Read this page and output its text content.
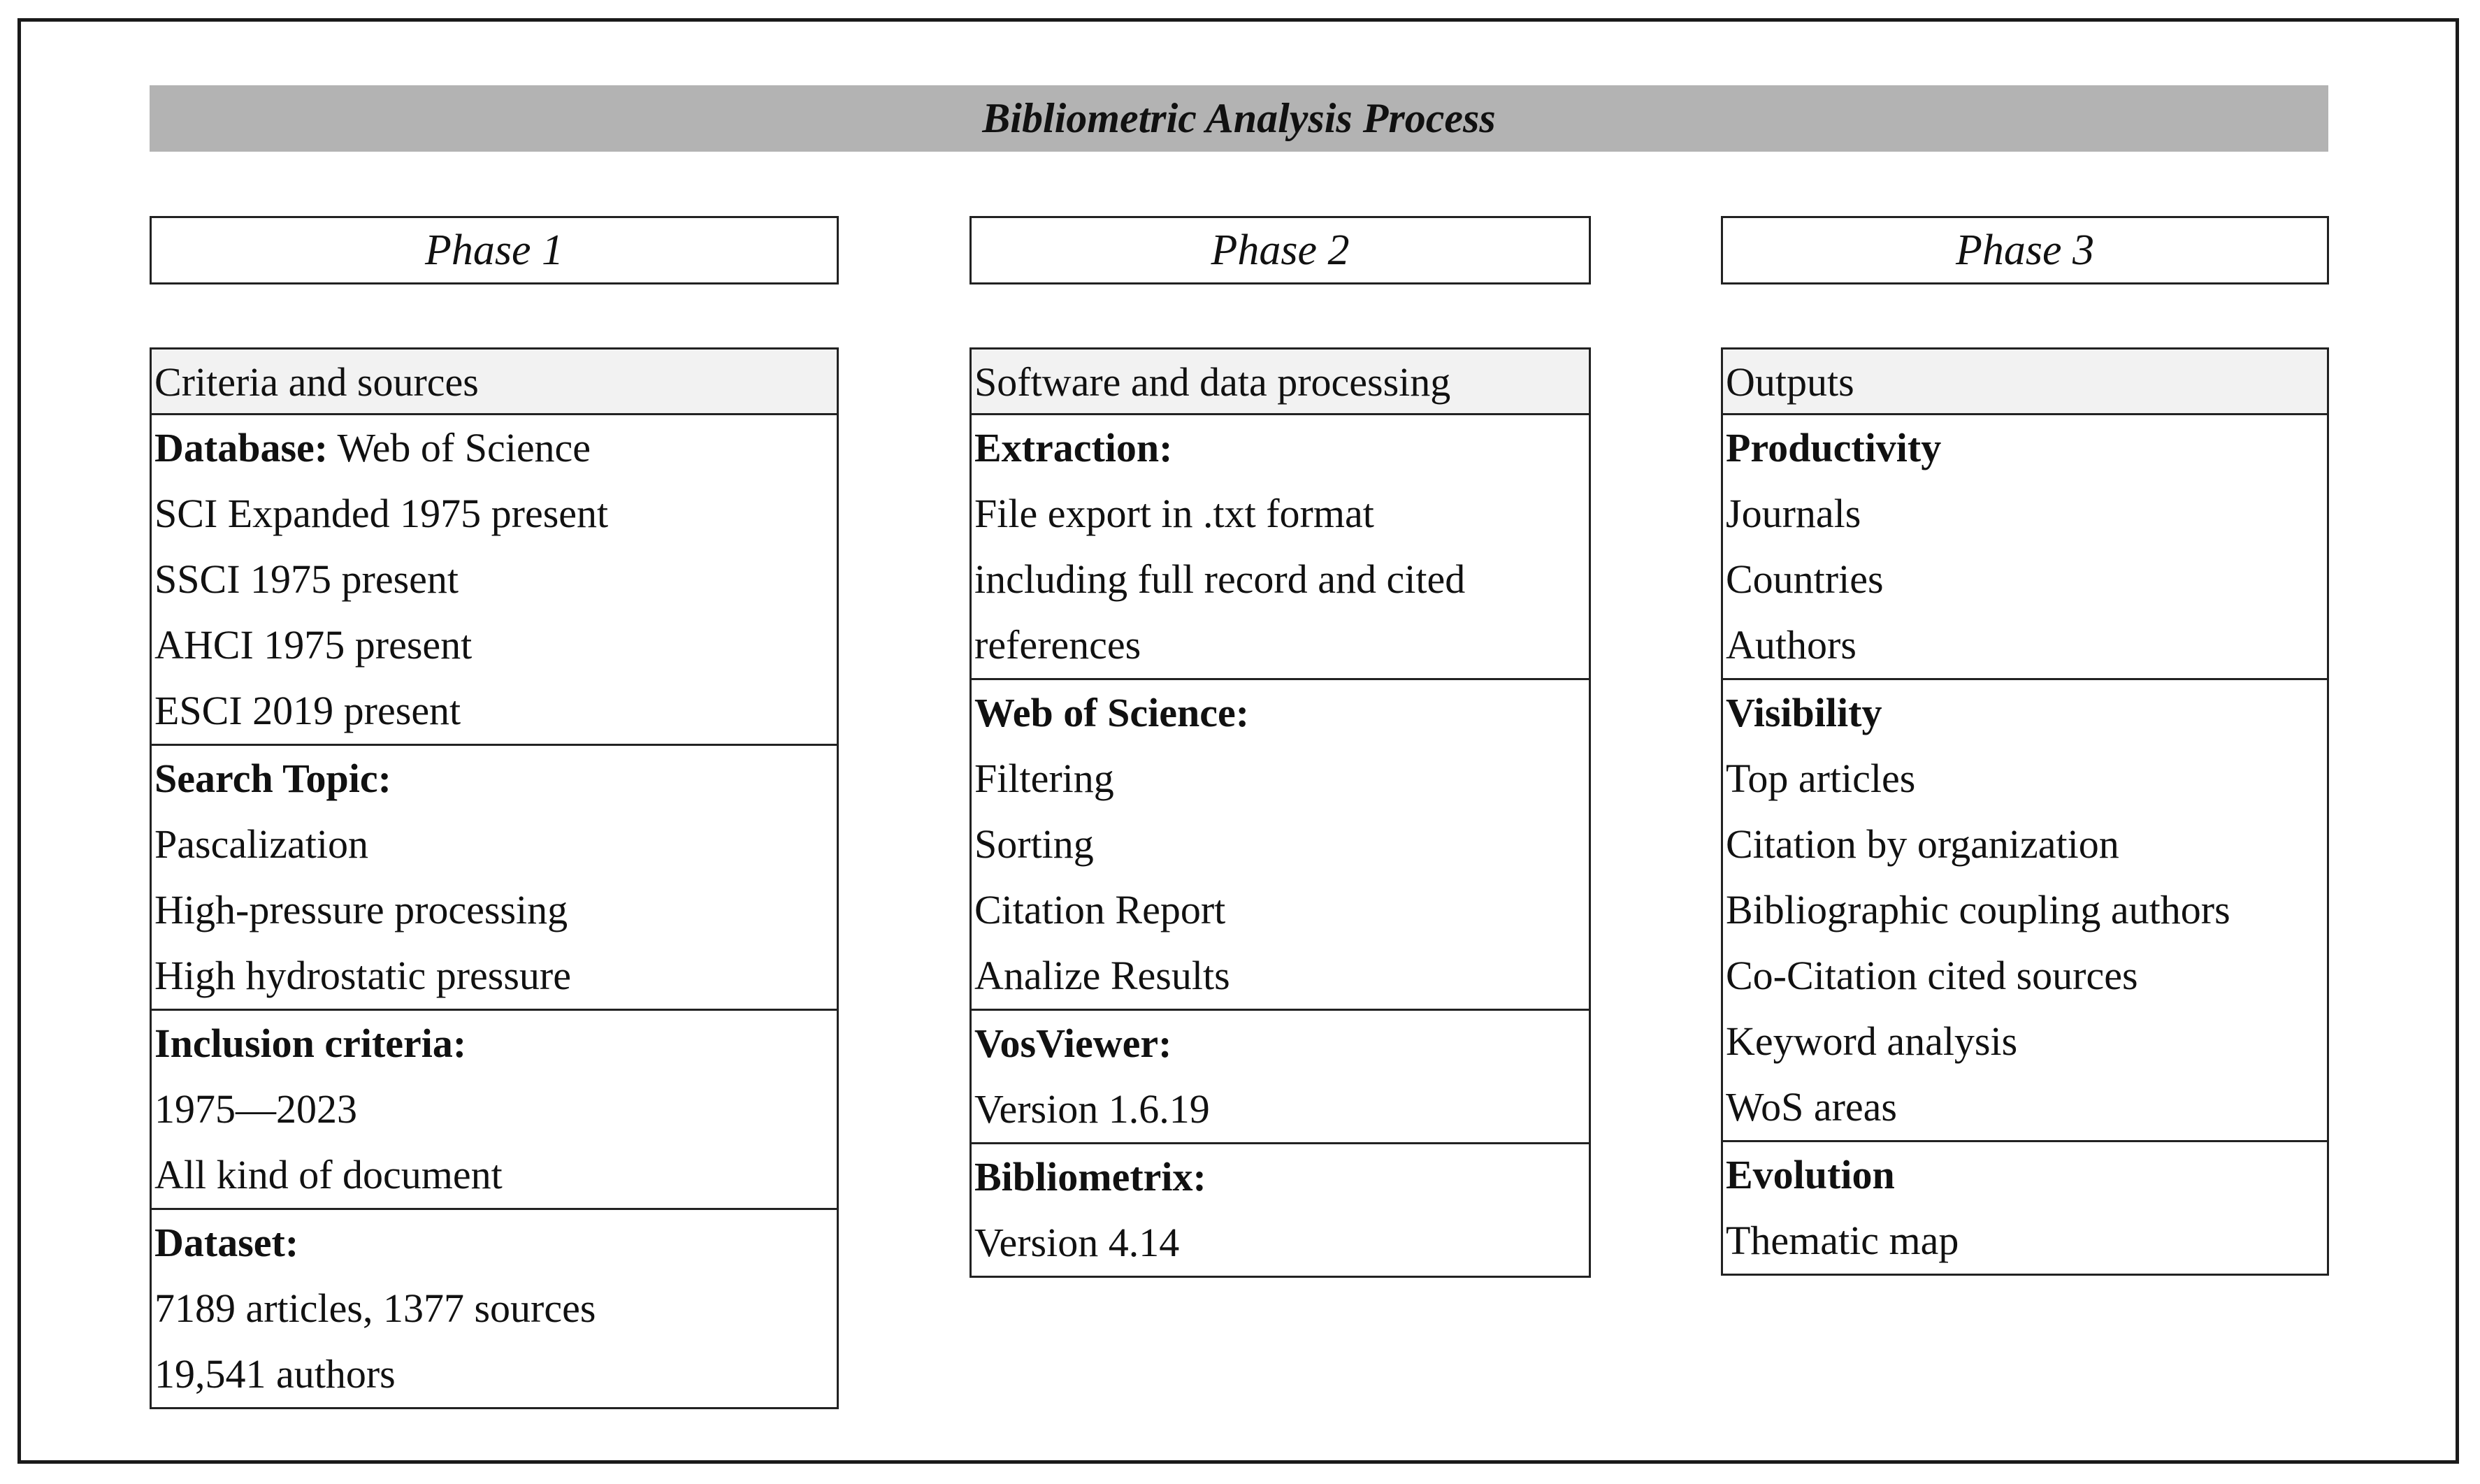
Bibliometric Analysis Process
Phase 1	Phase 2	Phase 3
Criteria and sources
Database: Web of Science
SCI Expanded 1975 present
SSCI 1975 present
AHCI 1975 present
ESCI 2019 present
Search Topic:
Pascalization
High-pressure processing
High hydrostatic pressure
Inclusion criteria:
1975—2023
All kind of document
Dataset:
7189 articles, 1377 sources
19,541 authors
Software and data processing
Extraction:
File export in .txt format
including full record and cited
references
Web of Science:
Filtering
Sorting
Citation Report
Analize Results
VosViewer:
Version 1.6.19
Bibliometrix:
Version 4.14
Outputs
Productivity
Journals
Countries
Authors
Visibility
Top articles
Citation by organization
Bibliographic coupling authors
Co-Citation cited sources
Keyword analysis
WoS areas
Evolution
Thematic map
